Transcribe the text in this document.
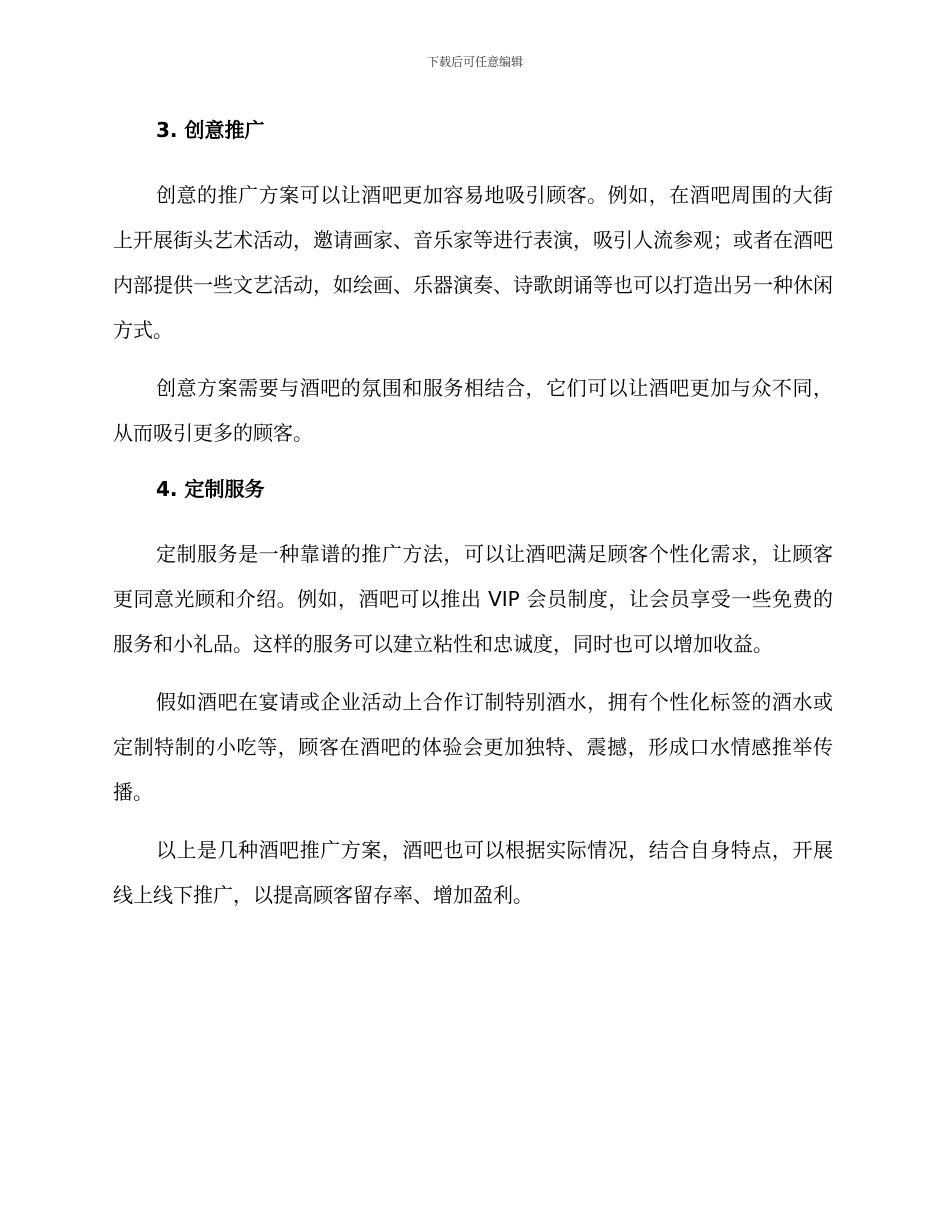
下载后可任意编辑
3. 创意推广

创意的推广方案可以让酒吧更加容易地吸引顾客。例如，在酒吧周围的大街上开展街头艺术活动，邀请画家、音乐家等进行表演，吸引人流参观；或者在酒吧内部提供一些文艺活动，如绘画、乐器演奏、诗歌朗诵等也可以打造出另一种休闲方式。

创意方案需要与酒吧的氛围和服务相结合，它们可以让酒吧更加与众不同，从而吸引更多的顾客。

4. 定制服务

定制服务是一种靠谱的推广方法，可以让酒吧满足顾客个性化需求，让顾客更同意光顾和介绍。例如，酒吧可以推出 VIP 会员制度，让会员享受一些免费的服务和小礼品。这样的服务可以建立粘性和忠诚度，同时也可以增加收益。

假如酒吧在宴请或企业活动上合作订制特别酒水，拥有个性化标签的酒水或定制特制的小吃等，顾客在酒吧的体验会更加独特、震撼，形成口水情感推举传播。

以上是几种酒吧推广方案，酒吧也可以根据实际情况，结合自身特点，开展线上线下推广，以提高顾客留存率、增加盈利。
